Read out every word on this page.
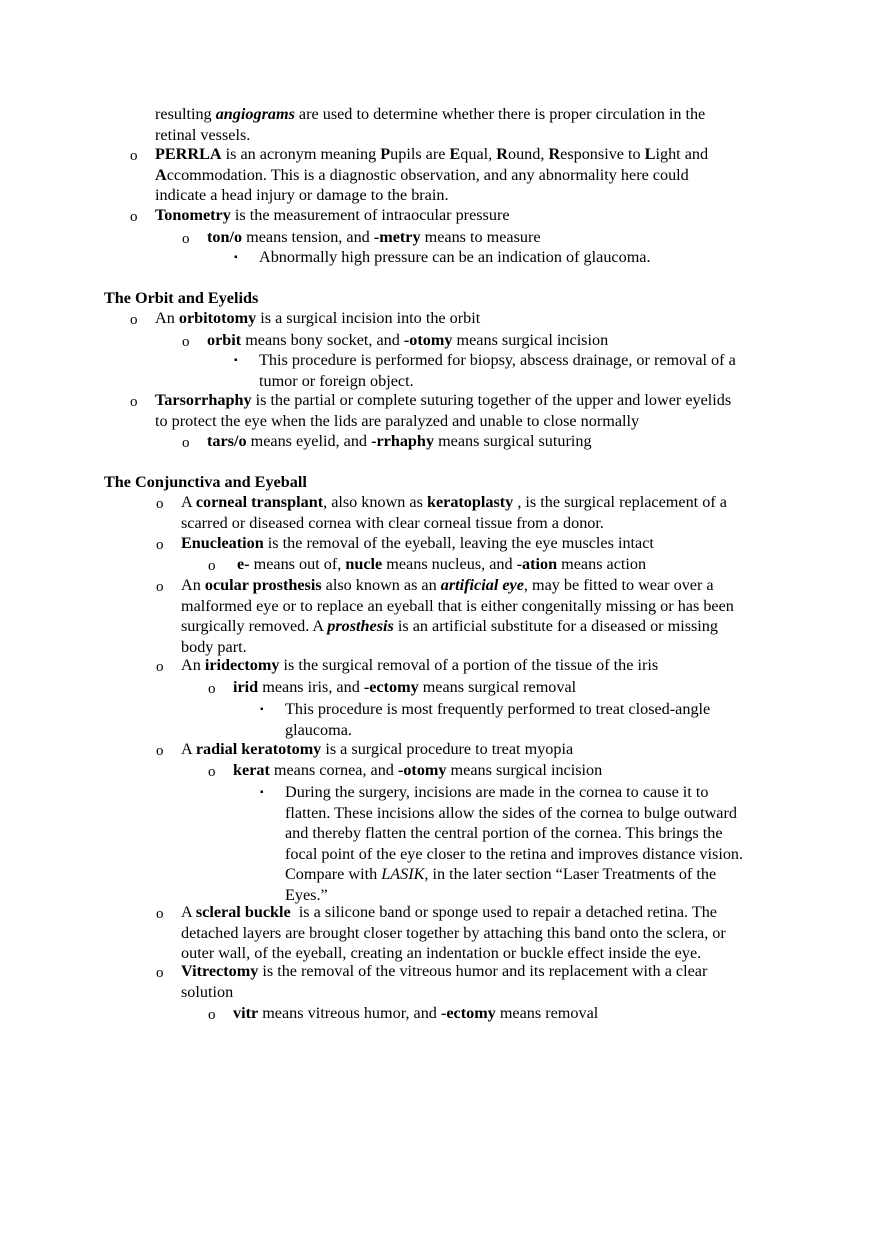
resulting angiograms are used to determine whether there is proper circulation in the
retinal vessels.
o PERRLA is an acronym meaning Pupils are Equal, Round, Responsive to Light and
Accommodation. This is a diagnostic observation, and any abnormality here could
indicate a head injury or damage to the brain.
o Tonometry is the measurement of intraocular pressure
o ton/o means tension, and -metry means to measure
▪ Abnormally high pressure can be an indication of glaucoma.
The Orbit and Eyelids
o An orbitotomy is a surgical incision into the orbit
o orbit means bony socket, and -otomy means surgical incision
▪ This procedure is performed for biopsy, abscess drainage, or removal of a
tumor or foreign object.
o Tarsorrhaphy is the partial or complete suturing together of the upper and lower eyelids
to protect the eye when the lids are paralyzed and unable to close normally
o tars/o means eyelid, and -rrhaphy means surgical suturing
The Conjunctiva and Eyeball
o A corneal transplant, also known as keratoplasty , is the surgical replacement of a
scarred or diseased cornea with clear corneal tissue from a donor.
o Enucleation is the removal of the eyeball, leaving the eye muscles intact
o e- means out of, nucle means nucleus, and -ation means action
o An ocular prosthesis also known as an artificial eye, may be fitted to wear over a
malformed eye or to replace an eyeball that is either congenitally missing or has been
surgically removed. A prosthesis is an artificial substitute for a diseased or missing
body part.
o An iridectomy is the surgical removal of a portion of the tissue of the iris
o irid means iris, and -ectomy means surgical removal
▪ This procedure is most frequently performed to treat closed-angle
glaucoma.
o A radial keratotomy is a surgical procedure to treat myopia
o kerat means cornea, and -otomy means surgical incision
▪ During the surgery, incisions are made in the cornea to cause it to
flatten. These incisions allow the sides of the cornea to bulge outward
and thereby flatten the central portion of the cornea. This brings the
focal point of the eye closer to the retina and improves distance vision.
Compare with LASIK, in the later section “Laser Treatments of the
Eyes.”
o A scleral buckle  is a silicone band or sponge used to repair a detached retina. The
detached layers are brought closer together by attaching this band onto the sclera, or
outer wall, of the eyeball, creating an indentation or buckle effect inside the eye.
o Vitrectomy is the removal of the vitreous humor and its replacement with a clear
solution
o vitr means vitreous humor, and -ectomy means removal
